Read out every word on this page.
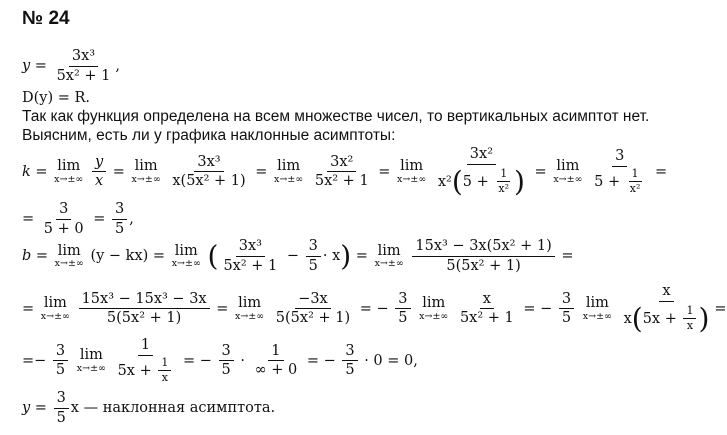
№ 24
$y = \frac{\text{3x³}}{\text{5x² + 1}}$ ,
D(y) = R.
Так как функция определена на всем множестве чисел, то вертикальных асимптот нет.
Выясним, есть ли у графика наклонные асимптоты:
k = lim
x→±∞
$\frac{y}{x} = \lim$
x→±∞
$\frac{\text{3x³}}{\text{x(5x² + 1)}} = \lim$
x→±∞
$\frac{\text{3x²}}{\text{5x² + 1}} = \lim$
x→±∞
$\frac{\text{3x²}}{x^2(5 + \frac{1}{\text{x²}} )} = \lim$
x→±∞
$\frac{3}{5 + \frac{1}{\text{x²}}}$ =
= $\frac{3}{5 + 0} = \frac{3}{5}$ ,
b = lim
x→±∞ (y − kx) = lim
x→±∞ ( $\frac{\text{3x³}}{\text{5x² + 1}} - \frac{3}{5} \cdot x) = \lim$
x→±∞
$\frac{\text{15x³ − 3x(5x² + 1)}}{\text{5(5x² + 1)}}$ =
= lim
x→±∞
$\frac{\text{15x³ − 15x³ − 3x}}{\text{5(5x² + 1)}} = \lim$
x→±∞
$\frac{-3x}{\text{5(5x² + 1)}}$ = − $\frac{3}{5}$
lim
x→±∞
$\frac{x}{\text{5x² + 1}}$ = − $\frac{3}{5}$
lim
x→±∞
$\frac{x}{x(5x + \frac{1}{x} )}$ =
=− $\frac{3}{5}$
lim
x→±∞
$\frac{1}{5x + \frac{1}{x}}$ = − $\frac{3}{5} \cdot \frac{1}{\infty + 0}$ = − $\frac{3}{5} \cdot 0 = 0$,
$y = \frac{3}{5}$ x — наклонная асимптота.
